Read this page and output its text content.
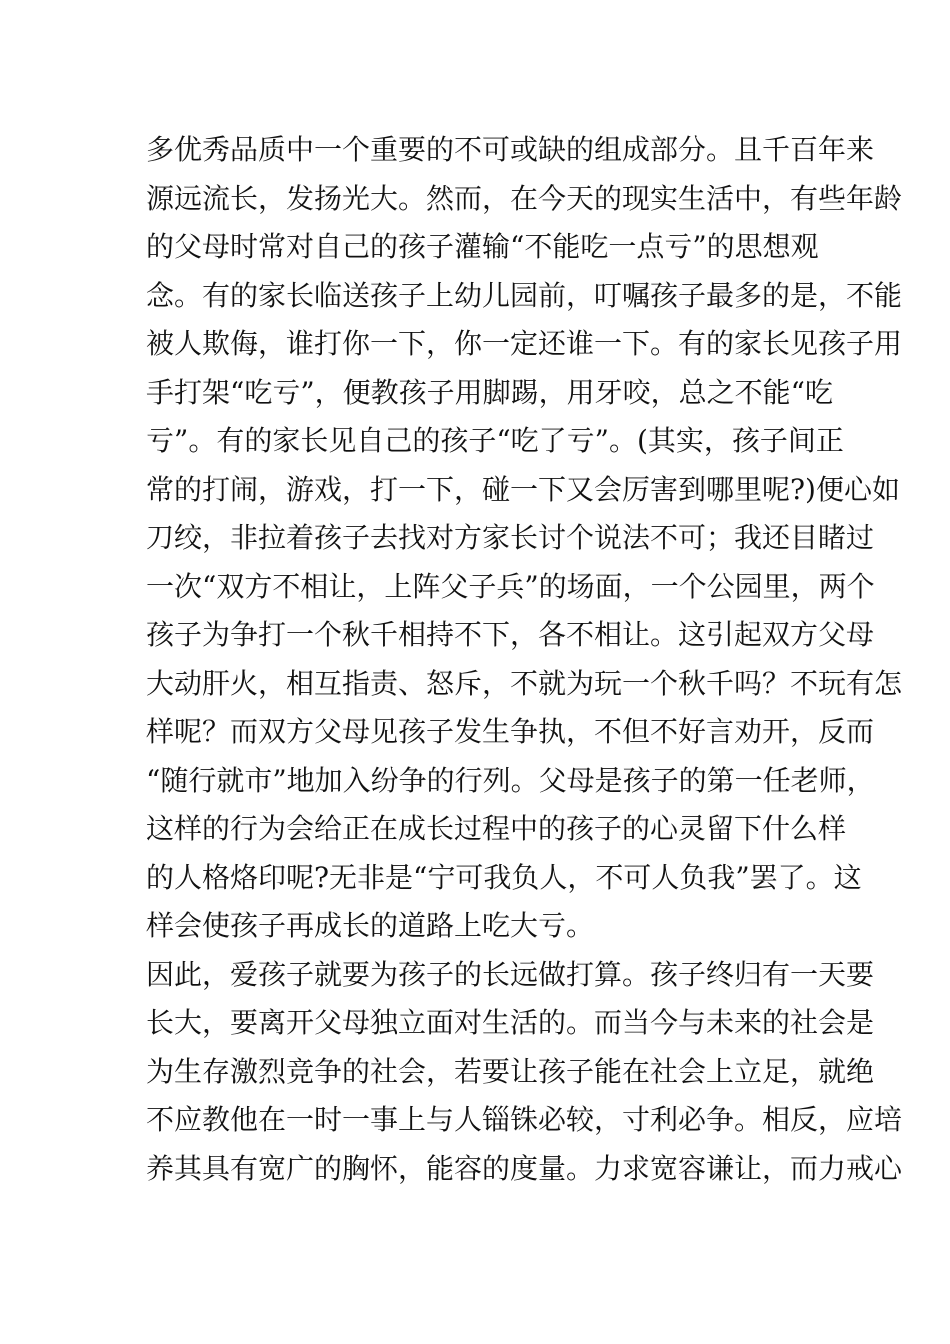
多优秀品质中一个重要的不可或缺的组成部分。且千百年来
源远流长，发扬光大。然而，在今天的现实生活中，有些年龄
的父母时常对自己的孩子灌输“不能吃一点亏”的思想观
念。有的家长临送孩子上幼儿园前，叮嘱孩子最多的是，不能
被人欺侮，谁打你一下，你一定还谁一下。有的家长见孩子用
手打架“吃亏”，便教孩子用脚踢，用牙咬，总之不能“吃
亏”。有的家长见自己的孩子“吃了亏”。(其实，孩子间正
常的打闹，游戏，打一下，碰一下又会厉害到哪里呢?)便心如
刀绞，非拉着孩子去找对方家长讨个说法不可；我还目睹过
一次“双方不相让，上阵父子兵”的场面，一个公园里，两个
孩子为争打一个秋千相持不下，各不相让。这引起双方父母
大动肝火，相互指责、怒斥，不就为玩一个秋千吗？不玩有怎
样呢？而双方父母见孩子发生争执，不但不好言劝开，反而
“随行就市”地加入纷争的行列。父母是孩子的第一任老师，
这样的行为会给正在成长过程中的孩子的心灵留下什么样
的人格烙印呢?无非是“宁可我负人，不可人负我”罢了。这
样会使孩子再成长的道路上吃大亏。
因此，爱孩子就要为孩子的长远做打算。孩子终归有一天要
长大，要离开父母独立面对生活的。而当今与未来的社会是
为生存激烈竞争的社会，若要让孩子能在社会上立足，就绝
不应教他在一时一事上与人锱铢必较，寸利必争。相反，应培
养其具有宽广的胸怀，能容的度量。力求宽容谦让，而力戒心
